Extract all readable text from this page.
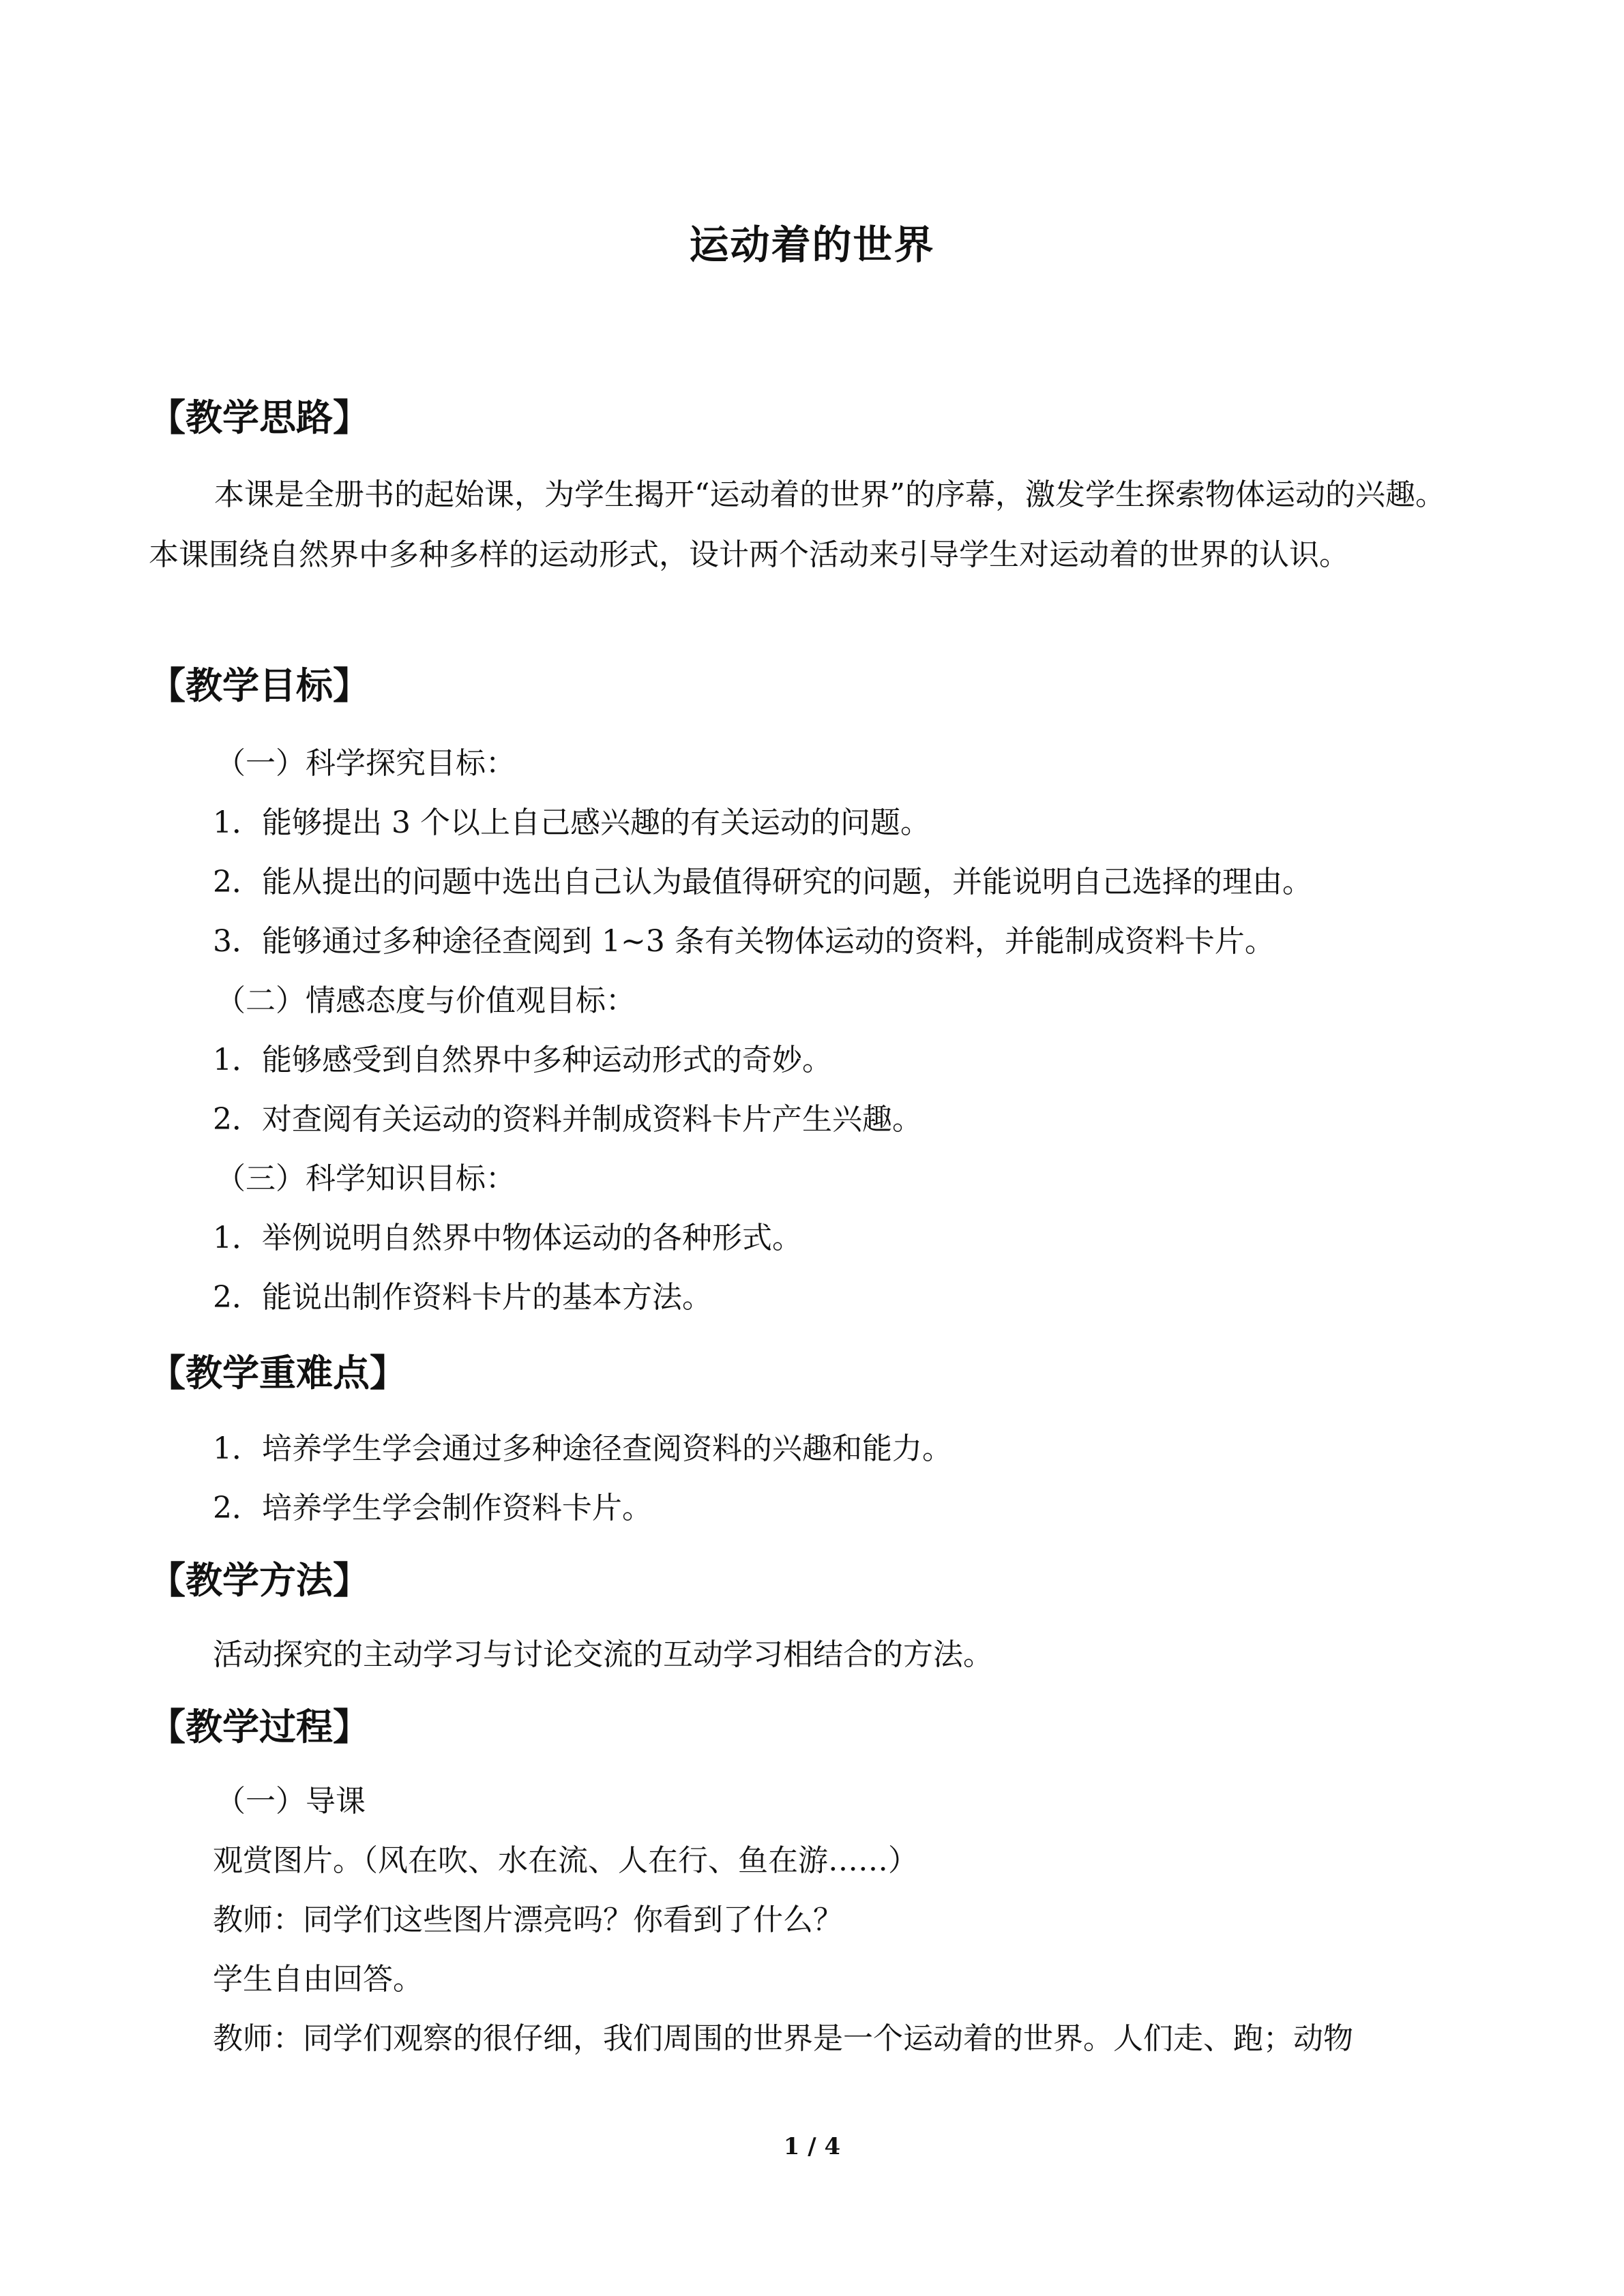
运动着的世界
【教学思路】
本课是全册书的起始课，为学生揭开“运动着的世界”的序幕，激发学生探索物体运动的兴趣。本课围绕自然界中多种多样的运动形式，设计两个活动来引导学生对运动着的世界的认识。
【教学目标】
（一）科学探究目标：
1．能够提出 3 个以上自己感兴趣的有关运动的问题。
2．能从提出的问题中选出自己认为最值得研究的问题，并能说明自己选择的理由。
3．能够通过多种途径查阅到 1~3 条有关物体运动的资料，并能制成资料卡片。
（二）情感态度与价值观目标：
1．能够感受到自然界中多种运动形式的奇妙。
2．对查阅有关运动的资料并制成资料卡片产生兴趣。
（三）科学知识目标：
1．举例说明自然界中物体运动的各种形式。
2．能说出制作资料卡片的基本方法。
【教学重难点】
1．培养学生学会通过多种途径查阅资料的兴趣和能力。
2．培养学生学会制作资料卡片。
【教学方法】
活动探究的主动学习与讨论交流的互动学习相结合的方法。
【教学过程】
（一）导课
观赏图片。（风在吹、水在流、人在行、鱼在游……）
教师：同学们这些图片漂亮吗？你看到了什么？
学生自由回答。
教师：同学们观察的很仔细，我们周围的世界是一个运动着的世界。人们走、跑；动物
1 / 4
